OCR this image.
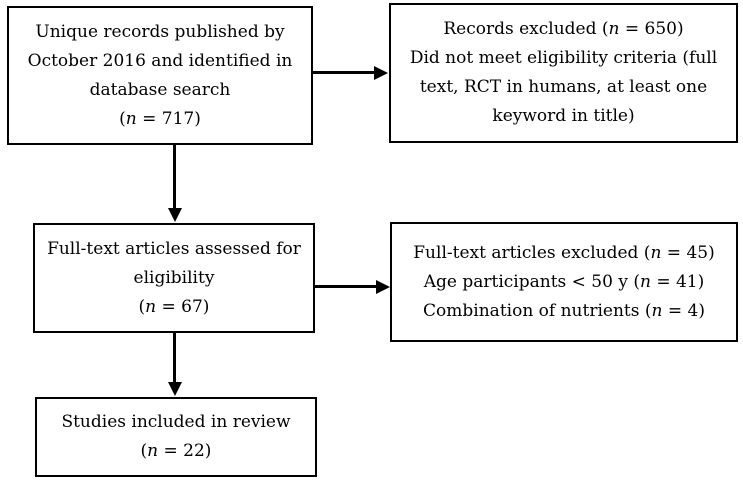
Unique records published by
October 2016 and identified in
database search
(n = 717)
Records excluded (n = 650)
Did not meet eligibility criteria (full
text, RCT in humans, at least one
keyword in title)
Full-text articles assessed for
eligibility
(n = 67)
Full-text articles excluded (n = 45)
Age participants < 50 y (n = 41)
Combination of nutrients (n = 4)
Studies included in review
(n = 22)
